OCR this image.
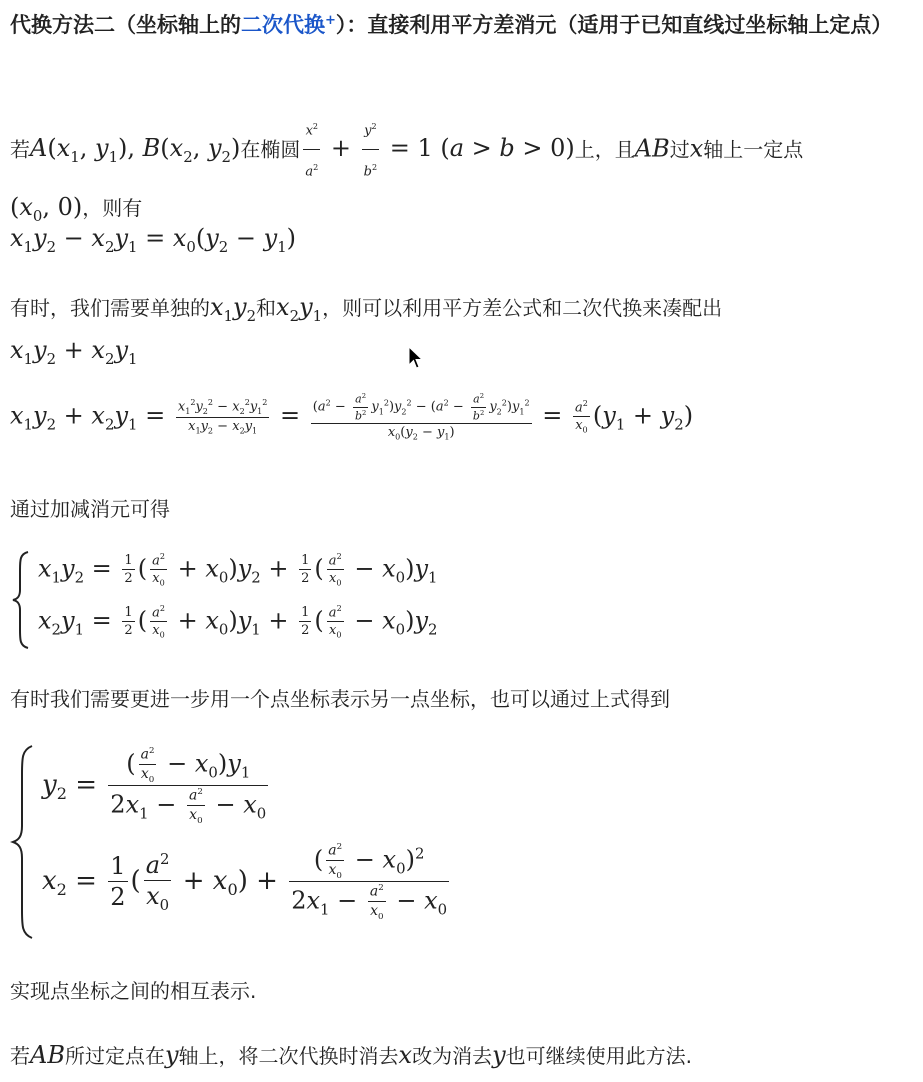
代换方法二（坐标轴上的二次代换+）：直接利用平方差消元（适用于已知直线过坐标轴上定点）
若$A(x_1$, $y_1$), $B(x_2$, $y_2$)在椭圆 $\frac{x^2}{a^2} + \frac{y^2}{b^2} = 1$ (a > b > 0)上，且AB过x轴上一定点
($x_0$, 0)，则有
$x_1y_2 - x_2y_1 = x_0(y_2 - y_1)$
有时，我们需要单独的$x_1y_2$和$x_2y_1$，则可以利用平方差公式和二次代换来凑配出
$x_1y_2 + x_2y_1$
$x_1y_2 + x_2y_1 = \frac{x_1^2y_2^2 - x_2^2y_1^2}{x_1y_2 - x_2y_1} = \frac{(a^2 - \frac{a^2}{b^2} y_1^2)y_2^2 - (a^2 - \frac{a^2}{b^2} y_2^2)y_1^2}{x_0(y_2 - y_1)} = \frac{a^2}{x_0} (y_1 + y_2)$
通过加减消元可得
$x_1y_2 = \frac{1}{2}$ ( $\frac{a^2}{x_0} + x_0)y_2 + \frac{1}{2}$ ( $\frac{a^2}{x_0} - x_0)y_1$
$x_2y_1 = \frac{1}{2}$ ( $\frac{a^2}{x_0} + x_0)y_1 + \frac{1}{2}$ ( $\frac{a^2}{x_0} - x_0)y_2$
有时我们需要更进一步用一个点坐标表示另一点坐标，也可以通过上式得到
$y_2 = \frac{( \frac{a^2}{x_0} - x_0)y_1}{2x_1 - \frac{a^2}{x_0} - x_0}$
$x_2 = \frac{1}{2}$ ( $\frac{a^2}{x_0} + x_0) + \frac{( \frac{a^2}{x_0} - x_0)^2}{2x_1 - \frac{a^2}{x_0} - x_0}$
实现点坐标之间的相互表示.
若AB所过定点在y轴上，将二次代换时消去x改为消去y也可继续使用此方法.
